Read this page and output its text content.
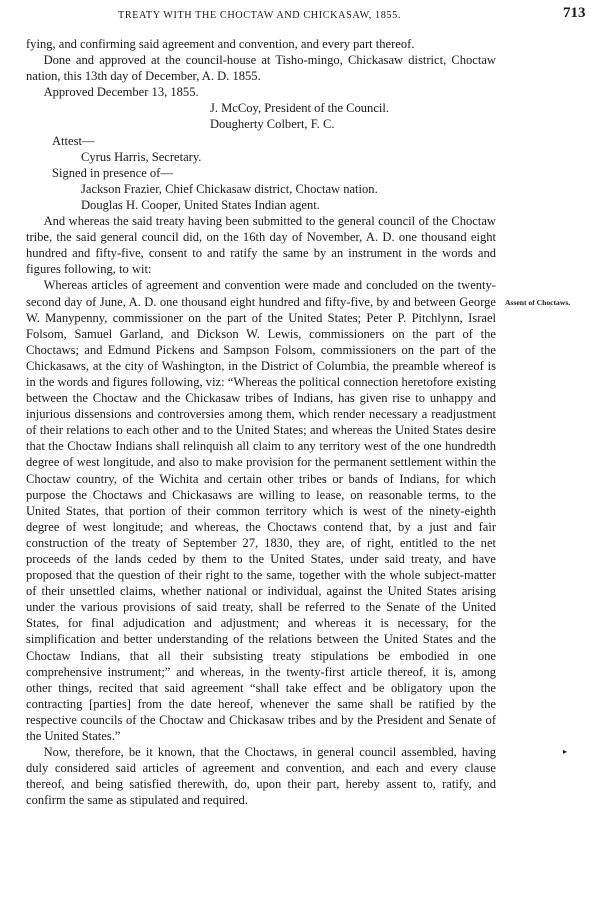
TREATY WITH THE CHOCTAW AND CHICKASAW, 1855.	713

fying, and confirming said agreement and convention, and every part thereof.

Done and approved at the council-house at Tisho-mingo, Chickasaw district, Choctaw nation, this 13th day of December, A. D. 1855.

Approved December 13, 1855.

J. McCoy, President of the Council.

Dougherty Colbert, F. C.

Attest—

Cyrus Harris, Secretary.

Signed in presence of—

Jackson Frazier, Chief Chickasaw district, Choctaw nation.

Douglas H. Cooper, United States Indian agent.

And whereas the said treaty having been submitted to the general council of the Choctaw tribe, the said general council did, on the 16th day of November, A. D. one thousand eight hundred and fifty-five, consent to and ratify the same by an instrument in the words and figures following, to wit:

Whereas articles of agreement and convention were made and concluded on the twenty-second day of June, A. D. one thousand eight hundred and fifty-five, by and between George W. Manypenny, commissioner on the part of the United States; Peter P. Pitchlynn, Israel Folsom, Samuel Garland, and Dickson W. Lewis, commissioners on the part of the Choctaws; and Edmund Pickens and Sampson Folsom, commissioners on the part of the Chickasaws, at the city of Washington, in the District of Columbia, the preamble whereof is in the words and figures following, viz: “Whereas the political connection heretofore existing between the Choctaw and the Chickasaw tribes of Indians, has given rise to unhappy and injurious dissensions and controversies among them, which render necessary a readjustment of their relations to each other and to the United States; and whereas the United States desire that the Choctaw Indians shall relinquish all claim to any territory west of the one hundredth degree of west longitude, and also to make provision for the permanent settlement within the Choctaw country, of the Wichita and certain other tribes or bands of Indians, for which purpose the Choctaws and Chickasaws are willing to lease, on reasonable terms, to the United States, that portion of their common territory which is west of the ninety-eighth degree of west longitude; and whereas, the Choctaws contend that, by a just and fair construction of the treaty of September 27, 1830, they are, of right, entitled to the net proceeds of the lands ceded by them to the United States, under said treaty, and have proposed that the question of their right to the same, together with the whole subject-matter of their unsettled claims, whether national or individual, against the United States arising under the various provisions of said treaty, shall be referred to the Senate of the United States, for final adjudication and adjustment; and whereas it is necessary, for the simplification and better understanding of the relations between the United States and the Choctaw Indians, that all their subsisting treaty stipulations be embodied in one comprehensive instrument;” and whereas, in the twenty-first article thereof, it is, among other things, recited that said agreement “shall take effect and be obligatory upon the contracting [parties] from the date hereof, whenever the same shall be ratified by the respective councils of the Choctaw and Chickasaw tribes and by the President and Senate of the United States.”

Now, therefore, be it known, that the Choctaws, in general council assembled, having duly considered said articles of agreement and convention, and each and every clause thereof, and being satisfied therewith, do, upon their part, hereby assent to, ratify, and confirm the same as stipulated and required.

Assent of Choctaws.
▸
